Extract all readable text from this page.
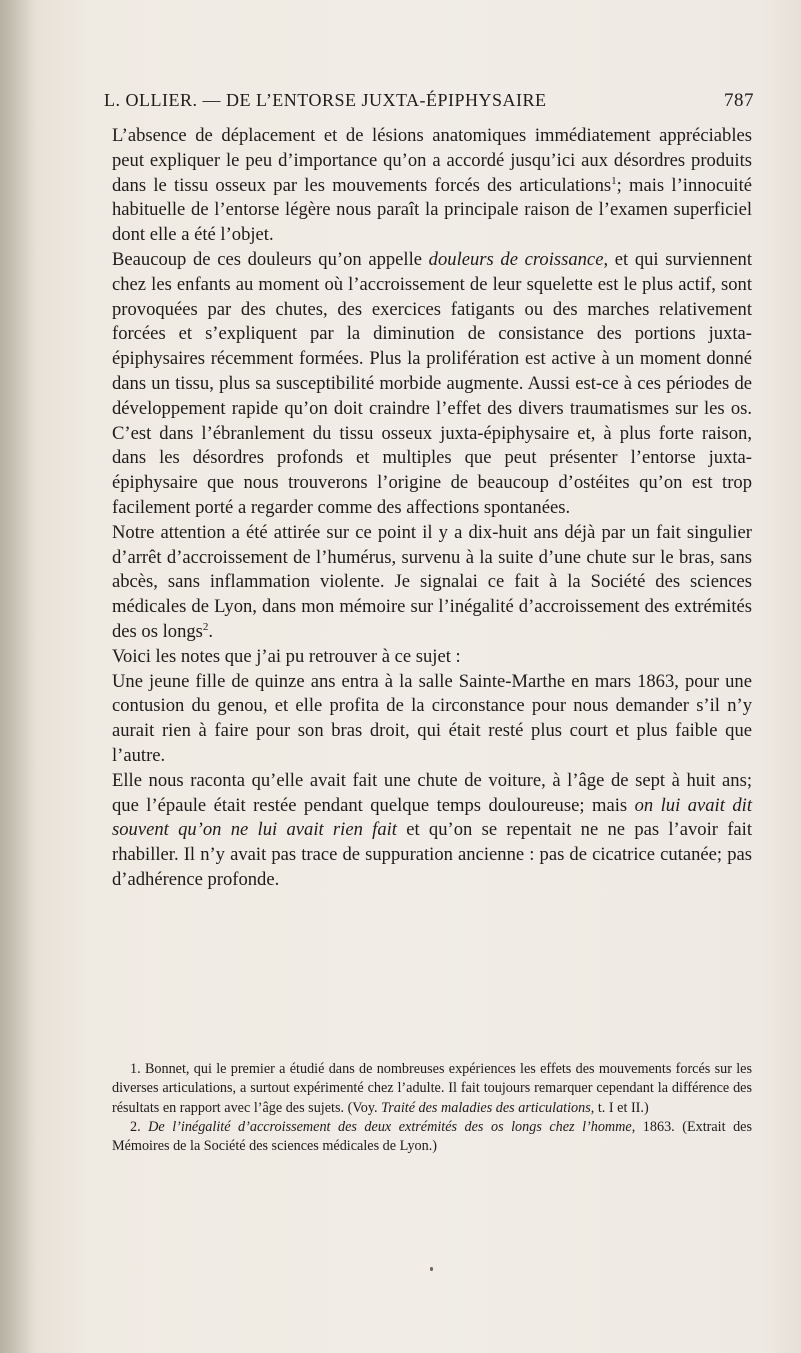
L. OLLIER. — DE L’ENTORSE JUXTA-ÉPIPHYSAIRE	787

L’absence de déplacement et de lésions anatomiques immédiatement appréciables peut expliquer le peu d’importance qu’on a accordé jusqu’ici aux désordres produits dans le tissu osseux par les mouvements forcés des articulations$^1$; mais l’innocuité habituelle de l’entorse légère nous paraît la principale raison de l’examen superficiel dont elle a été l’objet.

Beaucoup de ces douleurs qu’on appelle douleurs de croissance, et qui surviennent chez les enfants au moment où l’accroissement de leur squelette est le plus actif, sont provoquées par des chutes, des exercices fatigants ou des marches relativement forcées et s’expliquent par la diminution de consistance des portions juxta-épiphysaires récemment formées. Plus la prolifération est active à un moment donné dans un tissu, plus sa susceptibilité morbide augmente. Aussi est-ce à ces périodes de développement rapide qu’on doit craindre l’effet des divers traumatismes sur les os. C’est dans l’ébranlement du tissu osseux juxta-épiphysaire et, à plus forte raison, dans les désordres profonds et multiples que peut présenter l’entorse juxta-épiphysaire que nous trouverons l’origine de beaucoup d’ostéites qu’on est trop facilement porté a regarder comme des affections spontanées.

Notre attention a été attirée sur ce point il y a dix-huit ans déjà par un fait singulier d’arrêt d’accroissement de l’humérus, survenu à la suite d’une chute sur le bras, sans abcès, sans inflammation violente. Je signalai ce fait à la Société des sciences médicales de Lyon, dans mon mémoire sur l’inégalité d’accroissement des extrémités des os longs$^2$.

Voici les notes que j’ai pu retrouver à ce sujet :

Une jeune fille de quinze ans entra à la salle Sainte-Marthe en mars 1863, pour une contusion du genou, et elle profita de la circonstance pour nous demander s’il n’y aurait rien à faire pour son bras droit, qui était resté plus court et plus faible que l’autre.

Elle nous raconta qu’elle avait fait une chute de voiture, à l’âge de sept à huit ans; que l’épaule était restée pendant quelque temps douloureuse; mais on lui avait dit souvent qu’on ne lui avait rien fait et qu’on se repentait ne ne pas l’avoir fait rhabiller. Il n’y avait pas trace de suppuration ancienne : pas de cicatrice cutanée; pas d’adhérence profonde.

1. Bonnet, qui le premier a étudié dans de nombreuses expériences les effets des mouvements forcés sur les diverses articulations, a surtout expérimenté chez l’adulte. Il fait toujours remarquer cependant la différence des résultats en rapport avec l’âge des sujets. (Voy. Traité des maladies des articulations, t. I et II.)

2. De l’inégalité d’accroissement des deux extrémités des os longs chez l’homme, 1863. (Extrait des Mémoires de la Société des sciences médicales de Lyon.)
